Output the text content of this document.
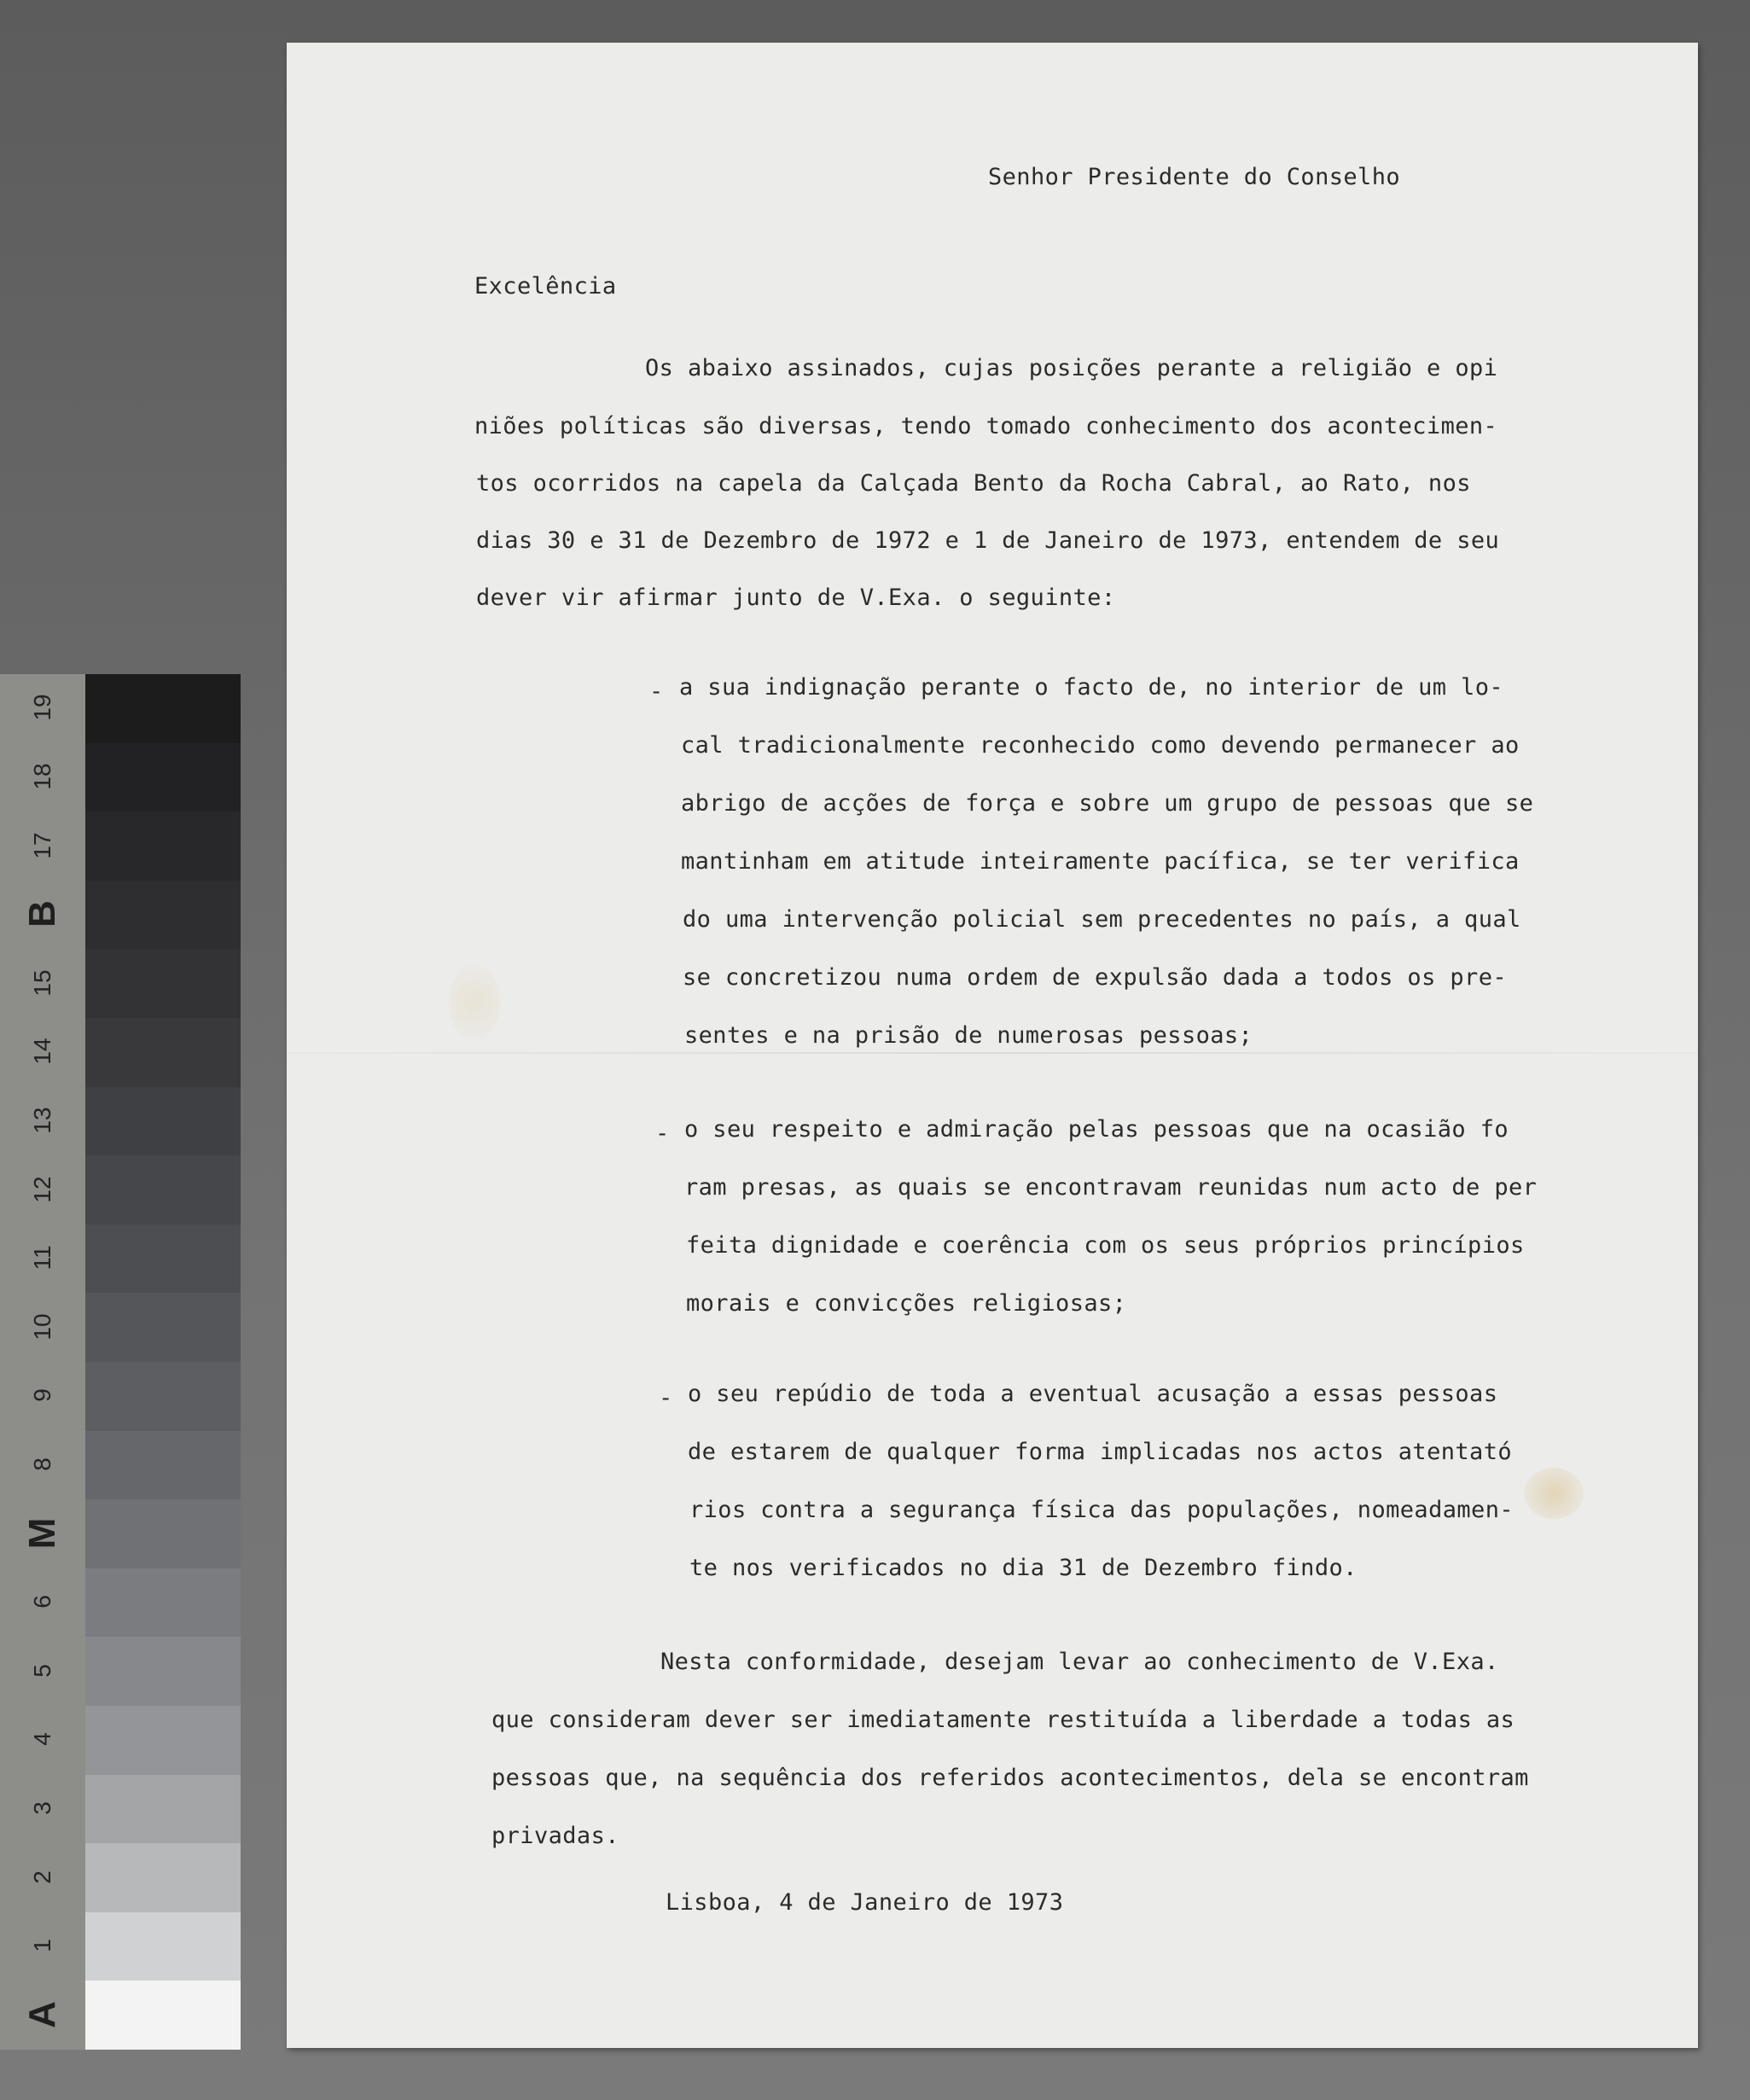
Senhor Presidente do Conselho
Excelência
Os abaixo assinados, cujas posições perante a religião e opi
niões políticas são diversas, tendo tomado conhecimento dos acontecimen-
tos ocorridos na capela da Calçada Bento da Rocha Cabral, ao Rato, nos
dias 30 e 31 de Dezembro de 1972 e 1 de Janeiro de 1973, entendem de seu
dever vir afirmar junto de V.Exa. o seguinte:
- a sua indignação perante o facto de, no interior de um lo-
cal tradicionalmente reconhecido como devendo permanecer ao
abrigo de acções de força e sobre um grupo de pessoas que se
mantinham em atitude inteiramente pacífica, se ter verifica
do uma intervenção policial sem precedentes no país, a qual
se concretizou numa ordem de expulsão dada a todos os pre-
sentes e na prisão de numerosas pessoas;
- o seu respeito e admiração pelas pessoas que na ocasião fo
ram presas, as quais se encontravam reunidas num acto de per
feita dignidade e coerência com os seus próprios princípios
morais e convicções religiosas;
- o seu repúdio de toda a eventual acusação a essas pessoas
de estarem de qualquer forma implicadas nos actos atentató
rios contra a segurança física das populações, nomeadamen-
te nos verificados no dia 31 de Dezembro findo.
Nesta conformidade, desejam levar ao conhecimento de V.Exa.
que consideram dever ser imediatamente restituída a liberdade a todas as
pessoas que, na sequência dos referidos acontecimentos, dela se encontram
privadas.
Lisboa, 4 de Janeiro de 1973
19
18
17
B
15
14
13
12
11
10
9
8
M
6
5
4
3
2
1
A
